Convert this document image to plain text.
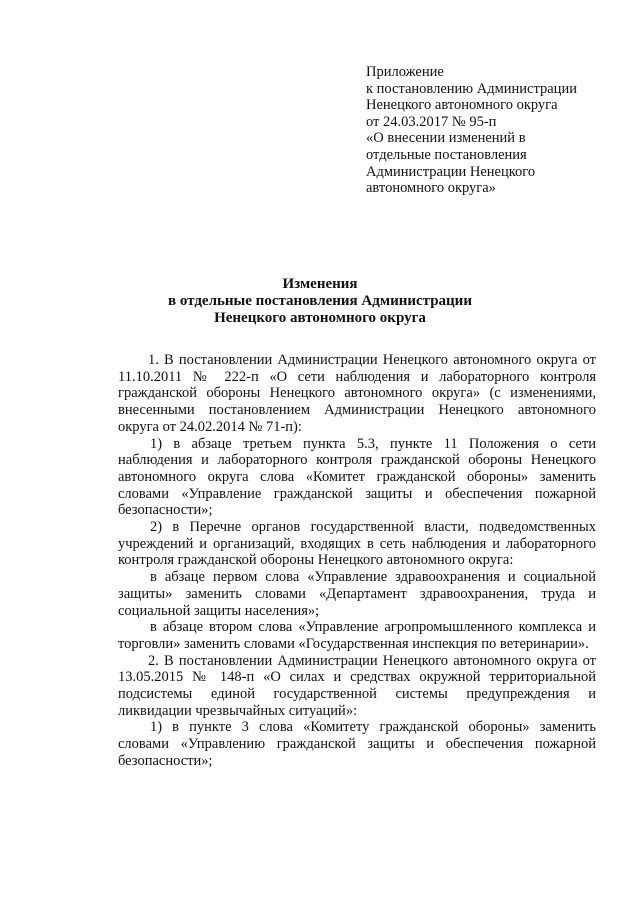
Приложение
к постановлению Администрации
Ненецкого автономного округа
от 24.03.2017 № 95-п
«О внесении изменений в
отдельные постановления
Администрации Ненецкого
автономного округа»
Изменения
в отдельные постановления Администрации
Ненецкого автономного округа

1. В постановлении Администрации Ненецкого автономного округа от 11.10.2011 № 222-п «О сети наблюдения и лабораторного контроля гражданской обороны Ненецкого автономного округа» (с изменениями, внесенными постановлением Администрации Ненецкого автономного округа от 24.02.2014 № 71-п):

1) в абзаце третьем пункта 5.3, пункте 11 Положения о сети наблюдения и лабораторного контроля гражданской обороны Ненецкого автономного округа слова «Комитет гражданской обороны» заменить словами «Управление гражданской защиты и обеспечения пожарной безопасности»;

2) в Перечне органов государственной власти, подведомственных учреждений и организаций, входящих в сеть наблюдения и лабораторного контроля гражданской обороны Ненецкого автономного округа:

в абзаце первом слова «Управление здравоохранения и социальной защиты» заменить словами «Департамент здравоохранения, труда и социальной защиты населения»;

в абзаце втором слова «Управление агропромышленного комплекса и торговли» заменить словами «Государственная инспекция по ветеринарии».

2. В постановлении Администрации Ненецкого автономного округа от 13.05.2015 № 148-п «О силах и средствах окружной территориальной подсистемы единой государственной системы предупреждения и ликвидации чрезвычайных ситуаций»:

1) в пункте 3 слова «Комитету гражданской обороны» заменить словами «Управлению гражданской защиты и обеспечения пожарной безопасности»;
